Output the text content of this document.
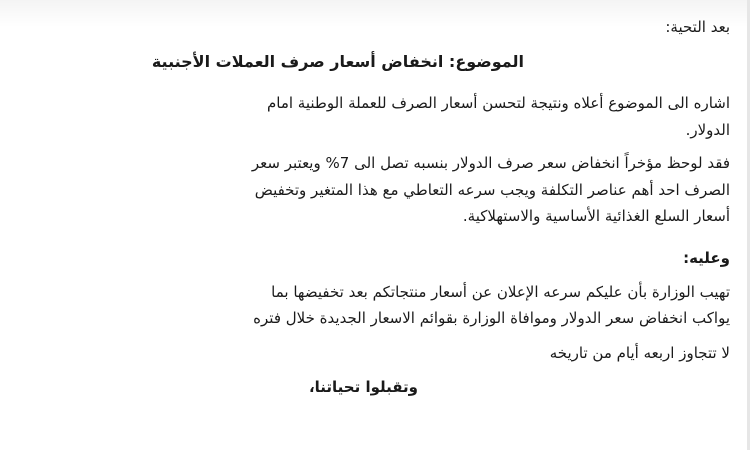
بعد التحية:
الموضوع: انخفاض أسعار صرف العملات الأجنبية
اشاره الى الموضوع أعلاه ونتيجة لتحسن أسعار الصرف للعملة الوطنية امام
الدولار.
فقد لوحظ مؤخراً انخفاض سعر صرف الدولار بنسبه تصل الى 7% ويعتبر سعر
الصرف احد أهم عناصر التكلفة ويجب سرعه التعاطي مع هذا المتغير وتخفيض
أسعار السلع الغذائية الأساسية والاستهلاكية.
وعليه:
تهيب الوزارة بأن عليكم سرعه الإعلان عن أسعار منتجاتكم بعد تخفيضها بما
يواكب انخفاض سعر الدولار وموافاة الوزارة بقوائم الاسعار الجديدة خلال فتره
لا تتجاوز اربعه أيام من تاريخه
وتقبلوا تحياتنا،
